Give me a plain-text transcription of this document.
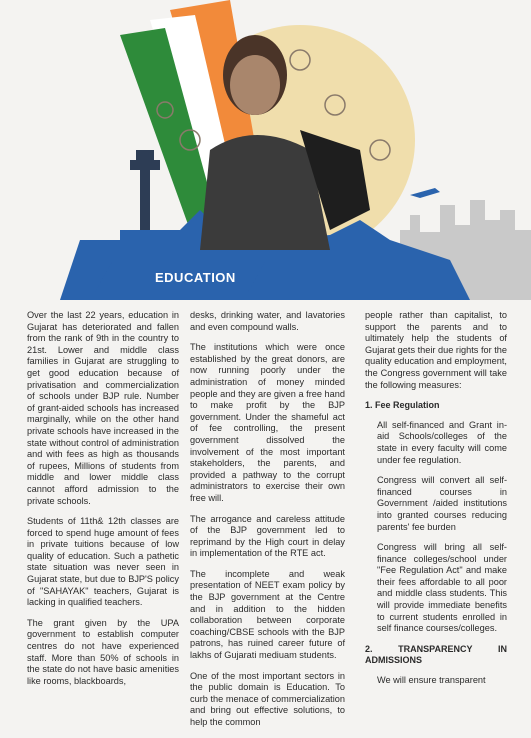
EDUCATION

Over the last 22 years, education in Gujarat has deteriorated and fallen from the rank of 9th in the country to 21st. Lower and middle class families in Gujarat are struggling to get good education because of privatisation and commercialization of schools under BJP rule. Number of grant-aided schools has increased marginally, while on the other hand private schools have increased in the state without control of administration and with fees as high as thousands of rupees, Millions of students from middle and lower middle class cannot afford admission to the private schools.

Students of 11th& 12th classes are forced to spend huge amount of fees in private tuitions because of low quality of education. Such a pathetic state situation was never seen in Gujarat state, but due to BJP'S policy of "SAHAYAK" teachers, Gujarat is lacking in qualified teachers.

The grant given by the UPA government to establish computer centres do not have experienced staff. More than 50% of schools in the state do not have basic amenities like rooms, blackboards,

desks, drinking water, and lavatories and even compound walls.

The institutions which were once established by the great donors, are now running poorly under the administration of money minded people and they are given a free hand to make profit by the BJP government. Under the shameful act of fee controlling, the present government dissolved the involvement of the most important stakeholders, the parents, and provided a pathway to the corrupt administrators to exercise their own free will.

The arrogance and careless attitude of the BJP government led to reprimand by the High court in delay in implementation of the RTE act.

The incomplete and weak presentation of NEET exam policy by the BJP government at the Centre and in addition to the hidden collaboration between corporate coaching/CBSE schools with the BJP patrons, has ruined career future of lakhs of Gujarati mediuam students.

One of the most important sectors in the public domain is Education. To curb the menace of commercialization and bring out effective solutions, to help the common

people rather than capitalist, to support the parents and to ultimately help the students of Gujarat gets their due rights for the quality education and employment, the Congress government will take the following measures:

1. Fee Regulation

All self-financed and Grant in-aid Schools/colleges of the state in every faculty will come under fee regulation.

Congress will convert all self-financed courses in Government /aided institutions into granted courses reducing parents' fee burden

Congress will bring all self-finance colleges/school under "Fee Regulation Act" and make their fees affordable to all poor and middle class students. This will provide immediate benefits to current students enrolled in self finance courses/colleges.

2. TRANSPARENCY IN ADMISSIONS

We will ensure transparent
